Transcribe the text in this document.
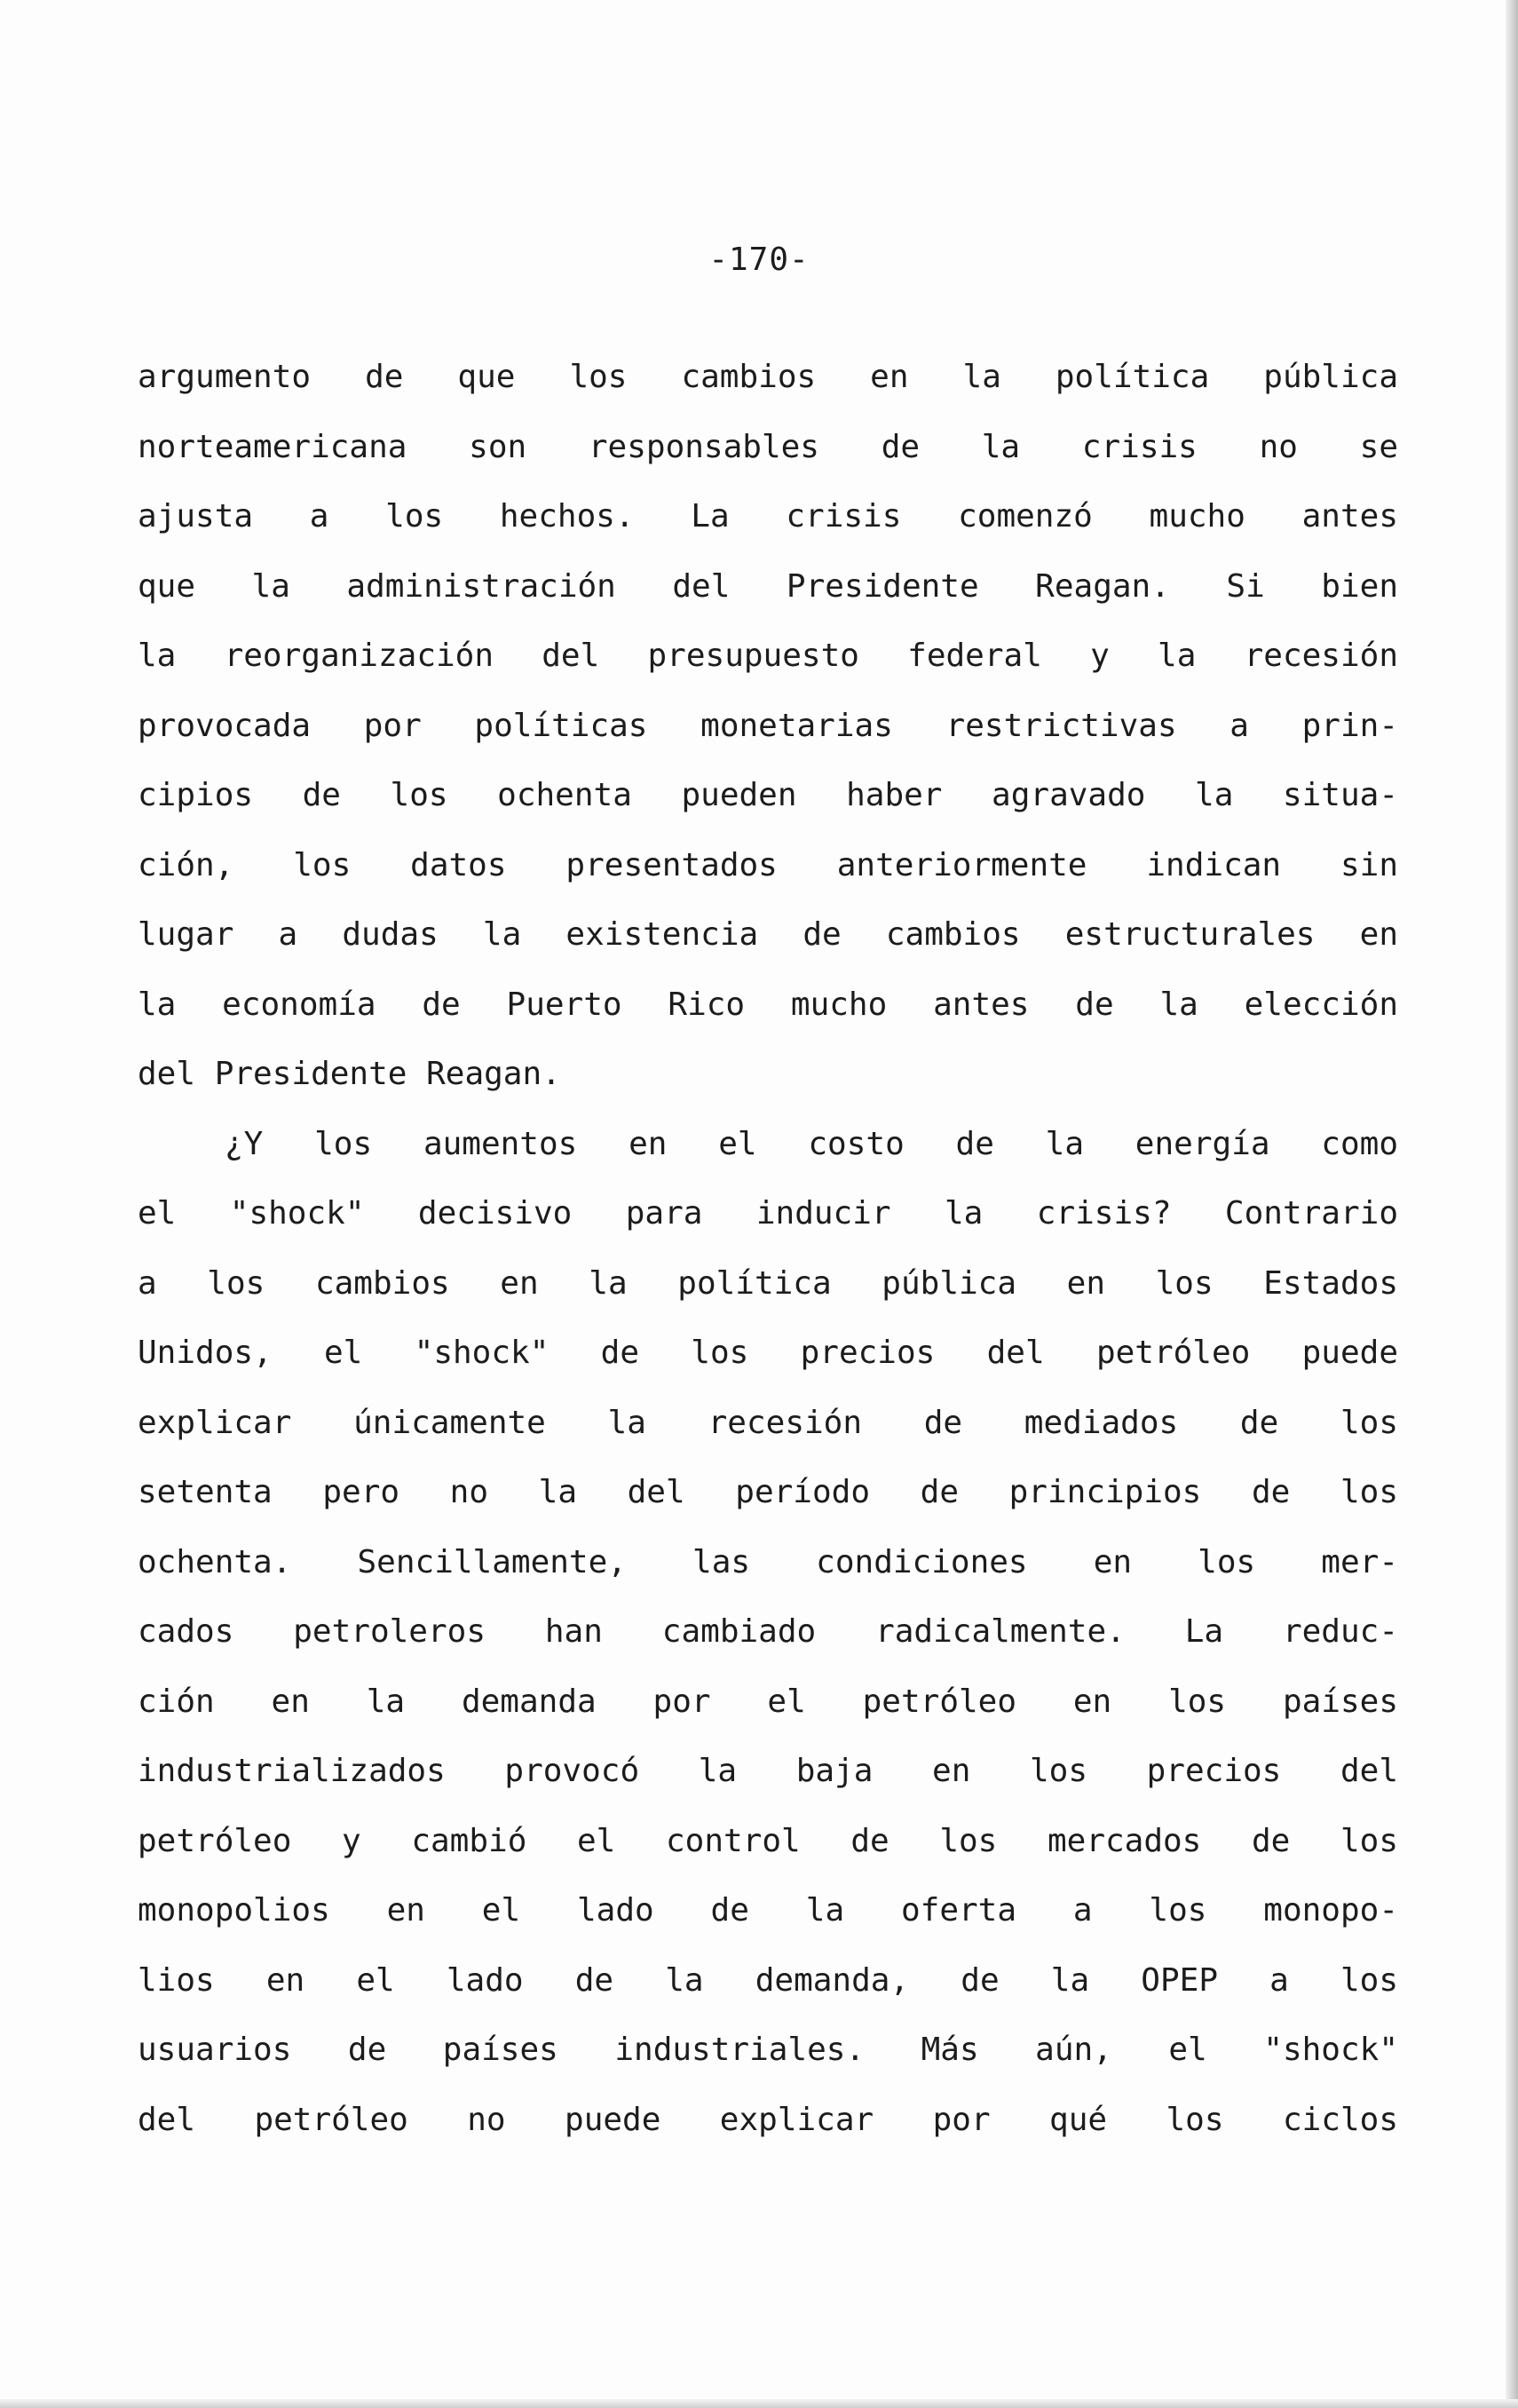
-170-
argumento de que los cambios en la política pública
norteamericana son responsables de la crisis no se
ajusta a los hechos. La crisis comenzó mucho antes
que la administración del Presidente Reagan. Si bien
la reorganización del presupuesto federal y la recesión
provocada por políticas monetarias restrictivas a prin-
cipios de los ochenta pueden haber agravado la situa-
ción, los datos presentados anteriormente indican sin
lugar a dudas la existencia de cambios estructurales en
la economía de Puerto Rico mucho antes de la elección
del Presidente Reagan.
¿Y los aumentos en el costo de la energía como
el "shock" decisivo para inducir la crisis? Contrario
a los cambios en la política pública en los Estados
Unidos, el "shock" de los precios del petróleo puede
explicar únicamente la recesión de mediados de los
setenta pero no la del período de principios de los
ochenta. Sencillamente, las condiciones en los mer-
cados petroleros han cambiado radicalmente. La reduc-
ción en la demanda por el petróleo en los países
industrializados provocó la baja en los precios del
petróleo y cambió el control de los mercados de los
monopolios en el lado de la oferta a los monopo-
lios en el lado de la demanda, de la OPEP a los
usuarios de países industriales. Más aún, el "shock"
del petróleo no puede explicar por qué los ciclos
